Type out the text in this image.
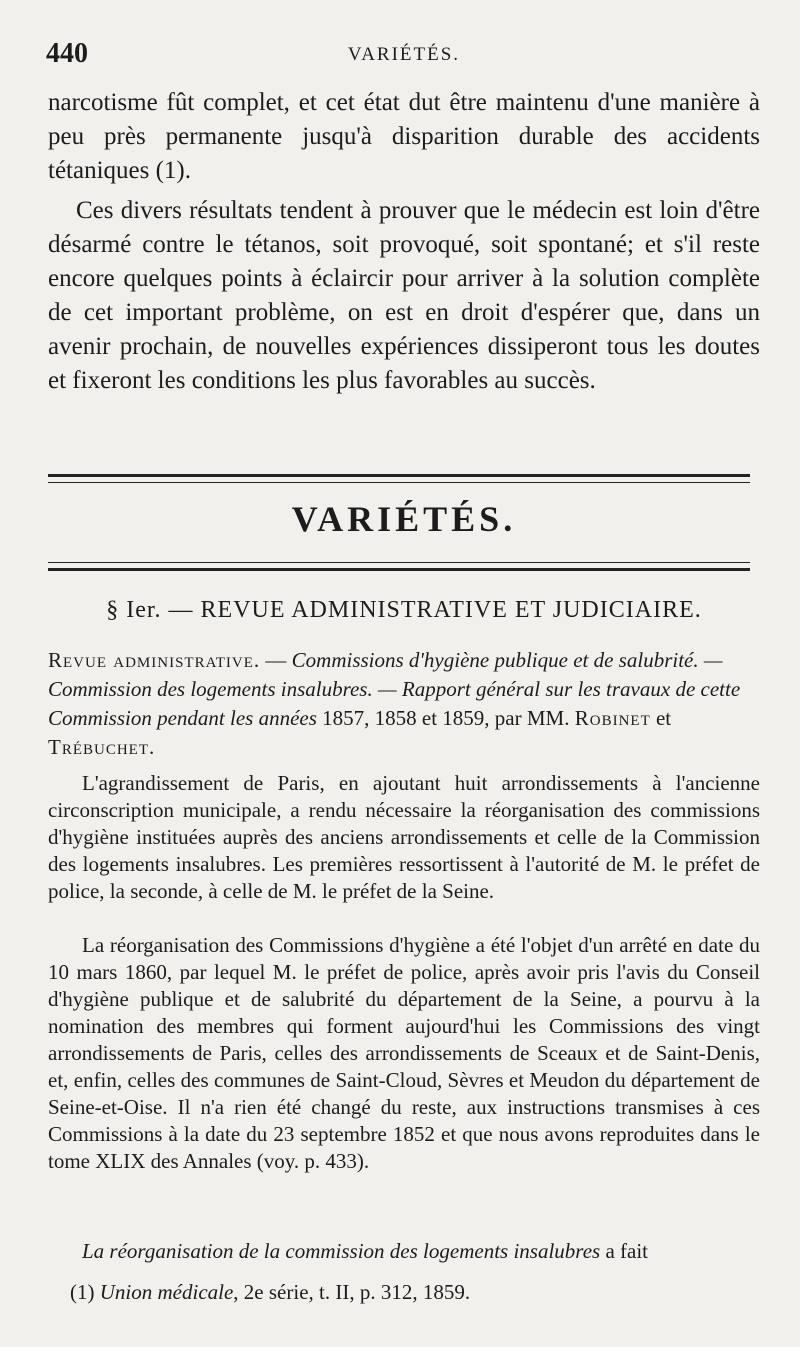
440	VARIÉTÉS.

narcotisme fût complet, et cet état dut être maintenu d'une manière à peu près permanente jusqu'à disparition durable des accidents tétaniques (1).

Ces divers résultats tendent à prouver que le médecin est loin d'être désarmé contre le tétanos, soit provoqué, soit spontané; et s'il reste encore quelques points à éclaircir pour arriver à la solution complète de cet important problème, on est en droit d'espérer que, dans un avenir prochain, de nouvelles expériences dissiperont tous les doutes et fixeront les conditions les plus favorables au succès.

VARIÉTÉS.
§ Ier. — REVUE ADMINISTRATIVE ET JUDICIAIRE.

Revue administrative. — Commissions d'hygiène publique et de salubrité. — Commission des logements insalubres. — Rapport général sur les travaux de cette Commission pendant les années 1857, 1858 et 1859, par MM. Robinet et Trébuchet.

L'agrandissement de Paris, en ajoutant huit arrondissements à l'ancienne circonscription municipale, a rendu nécessaire la réorganisation des commissions d'hygiène instituées auprès des anciens arrondissements et celle de la Commission des logements insalubres. Les premières ressortissent à l'autorité de M. le préfet de police, la seconde, à celle de M. le préfet de la Seine.

La réorganisation des Commissions d'hygiène a été l'objet d'un arrêté en date du 10 mars 1860, par lequel M. le préfet de police, après avoir pris l'avis du Conseil d'hygiène publique et de salubrité du département de la Seine, a pourvu à la nomination des membres qui forment aujourd'hui les Commissions des vingt arrondissements de Paris, celles des arrondissements de Sceaux et de Saint-Denis, et, enfin, celles des communes de Saint-Cloud, Sèvres et Meudon du département de Seine-et-Oise. Il n'a rien été changé du reste, aux instructions transmises à ces Commissions à la date du 23 septembre 1852 et que nous avons reproduites dans le tome XLIX des Annales (voy. p. 433).

La réorganisation de la commission des logements insalubres a fait

(1) Union médicale, 2e série, t. II, p. 312, 1859.
